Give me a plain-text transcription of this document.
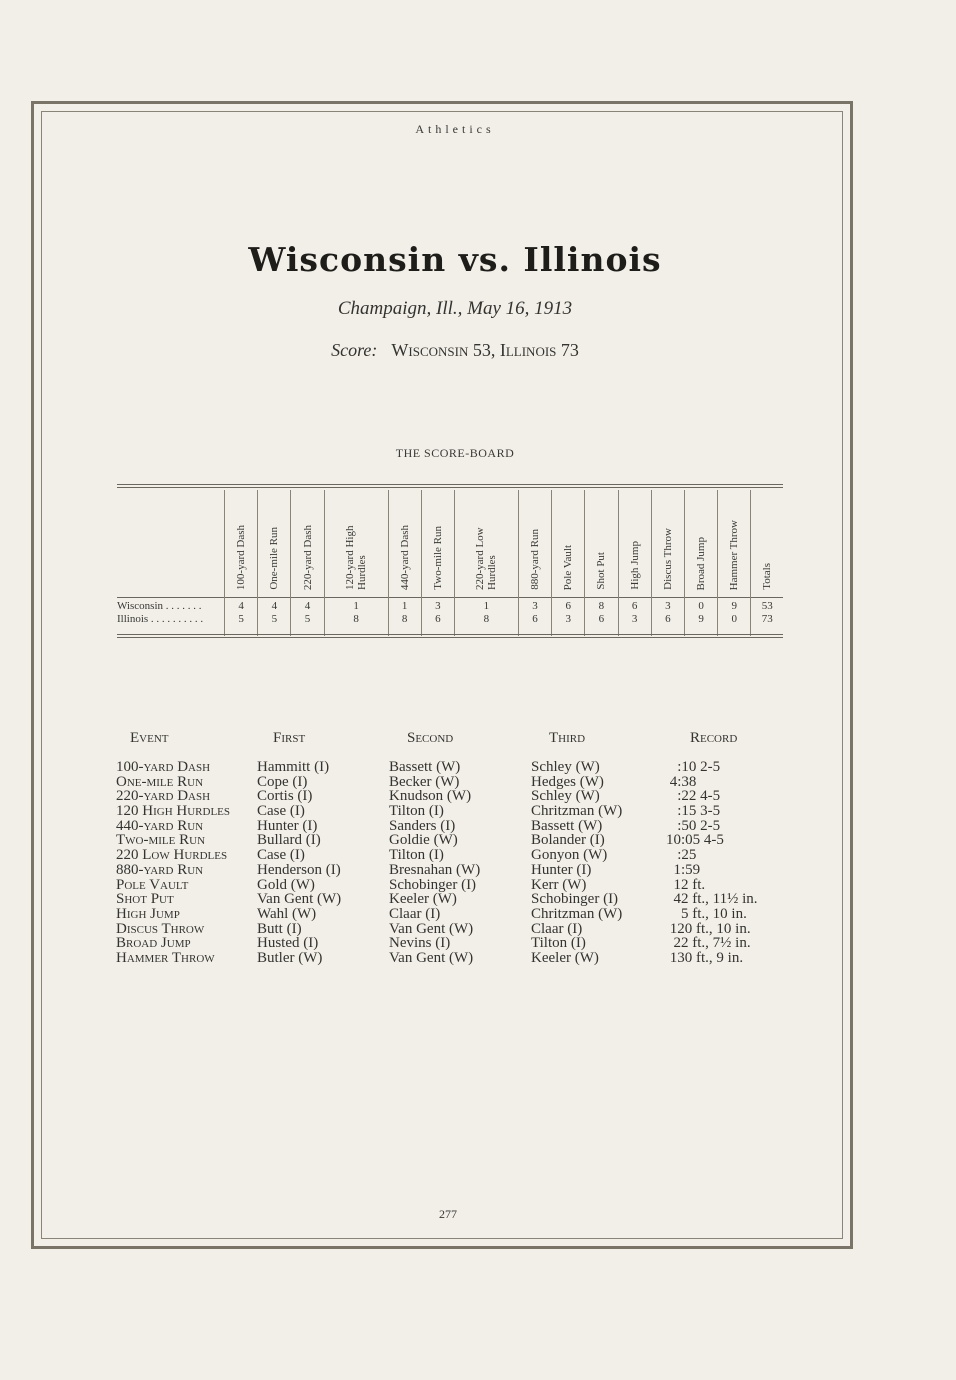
Athletics
Wisconsin vs. Illinois
Champaign, Ill., May 16, 1913
Score: Wisconsin 53, Illinois 73
THE SCORE-BOARD
	100-yard Dash	One-mile Run	220-yard Dash	120-yard High Hurdles	440-yard Dash	Two-mile Run	220-yard Low Hurdles	880-yard Run	Pole Vault	Shot Put	High Jump	Discus Throw	Broad Jump	Hammer Throw	Totals
Wisconsin . . . . . . .	4	4	4	1	1	3	1	3	6	8	6	3	0	9	53
Illinois . . . . . . . . . .	5	5	5	8	8	6	8	6	3	6	3	6	9	0	73
Event	First	Second	Third	Record
100-yard Dash	Hammitt (I)	Bassett (W)	Schley (W)	:10 2-5
One-mile Run	Cope (I)	Becker (W)	Hedges (W)	4:38
220-yard Dash	Cortis (I)	Knudson (W)	Schley (W)	:22 4-5
120 High Hurdles Case (I)	Tilton (I)	Chritzman (W)	:15 3-5
440-yard Run	Hunter (I)	Sanders (I)	Bassett (W)	:50 2-5
Two-mile Run	Bullard (I)	Goldie (W)	Bolander (I)	10:05 4-5
220 Low Hurdles Case (I)	Tilton (I)	Gonyon (W)	:25
880-yard Run	Henderson (I)	Bresnahan (W)	Hunter (I)	1:59
Pole Vault	Gold (W)	Schobinger (I)	Kerr (W)	12 ft.
Shot Put	Van Gent (W)	Keeler (W)	Schobinger (I)	42 ft., 11½ in.
High Jump	Wahl (W)	Claar (I)	Chritzman (W)	5 ft., 10 in.
Discus Throw	Butt (I)	Van Gent (W)	Claar (I)	120 ft., 10 in.
Broad Jump	Husted (I)	Nevins (I)	Tilton (I)	22 ft., 7½ in.
Hammer Throw	Butler (W)	Van Gent (W)	Keeler (W)	130 ft., 9 in.
277
